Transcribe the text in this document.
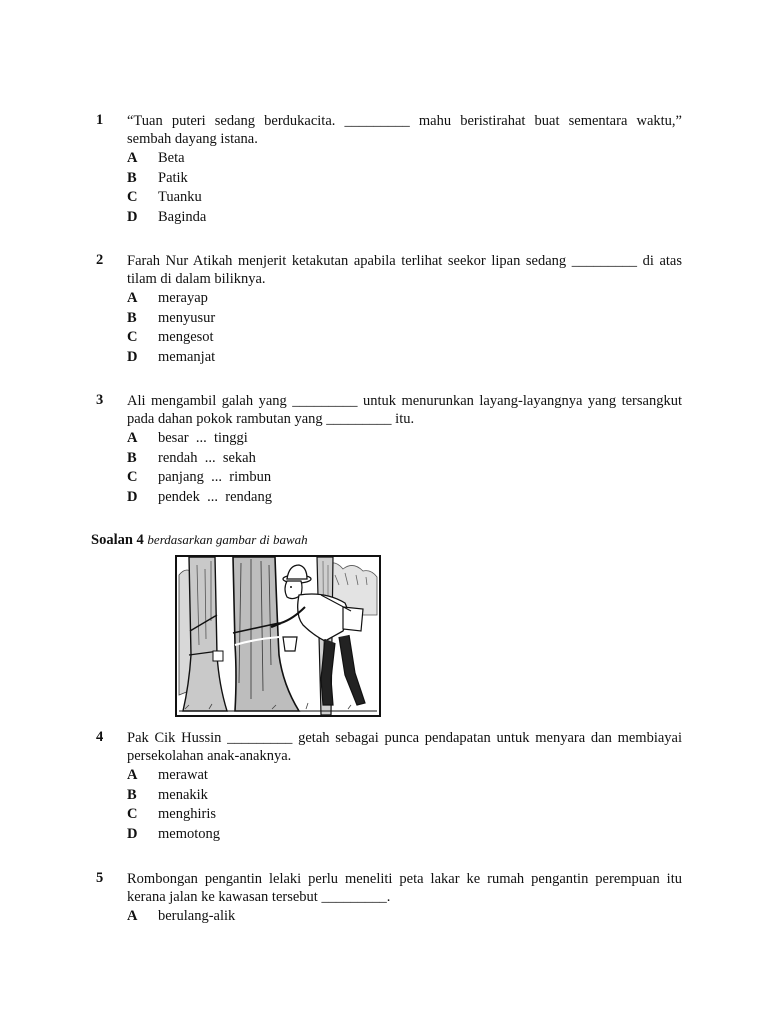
1 “Tuan puteri sedang berdukacita. _________ mahu beristirahat buat sementara waktu,”
sembah dayang istana.
A	Beta
B	Patik
C	Tuanku
D	Baginda
2 Farah Nur Atikah menjerit ketakutan apabila terlihat seekor lipan sedang _________ di atas
tilam di dalam biliknya.
A	merayap
B	menyusur
C	mengesot
D	memanjat
3 Ali mengambil galah yang _________ untuk menurunkan layang-layangnya yang tersangkut
pada dahan pokok rambutan yang _________ itu.
A	besar  ...  tinggi
B	rendah  ...  sekah
C	panjang  ...  rimbun
D	pendek  ...  rendang
Soalan 4 berdasarkan gambar di bawah
4 Pak Cik Hussin _________ getah sebagai punca pendapatan untuk menyara dan membiayai
persekolahan anak-anaknya.
A	merawat
B	menakik
C	menghiris
D	memotong
5 Rombongan pengantin lelaki perlu meneliti peta lakar ke rumah pengantin perempuan itu
kerana jalan ke kawasan tersebut _________.
A	berulang-alik
